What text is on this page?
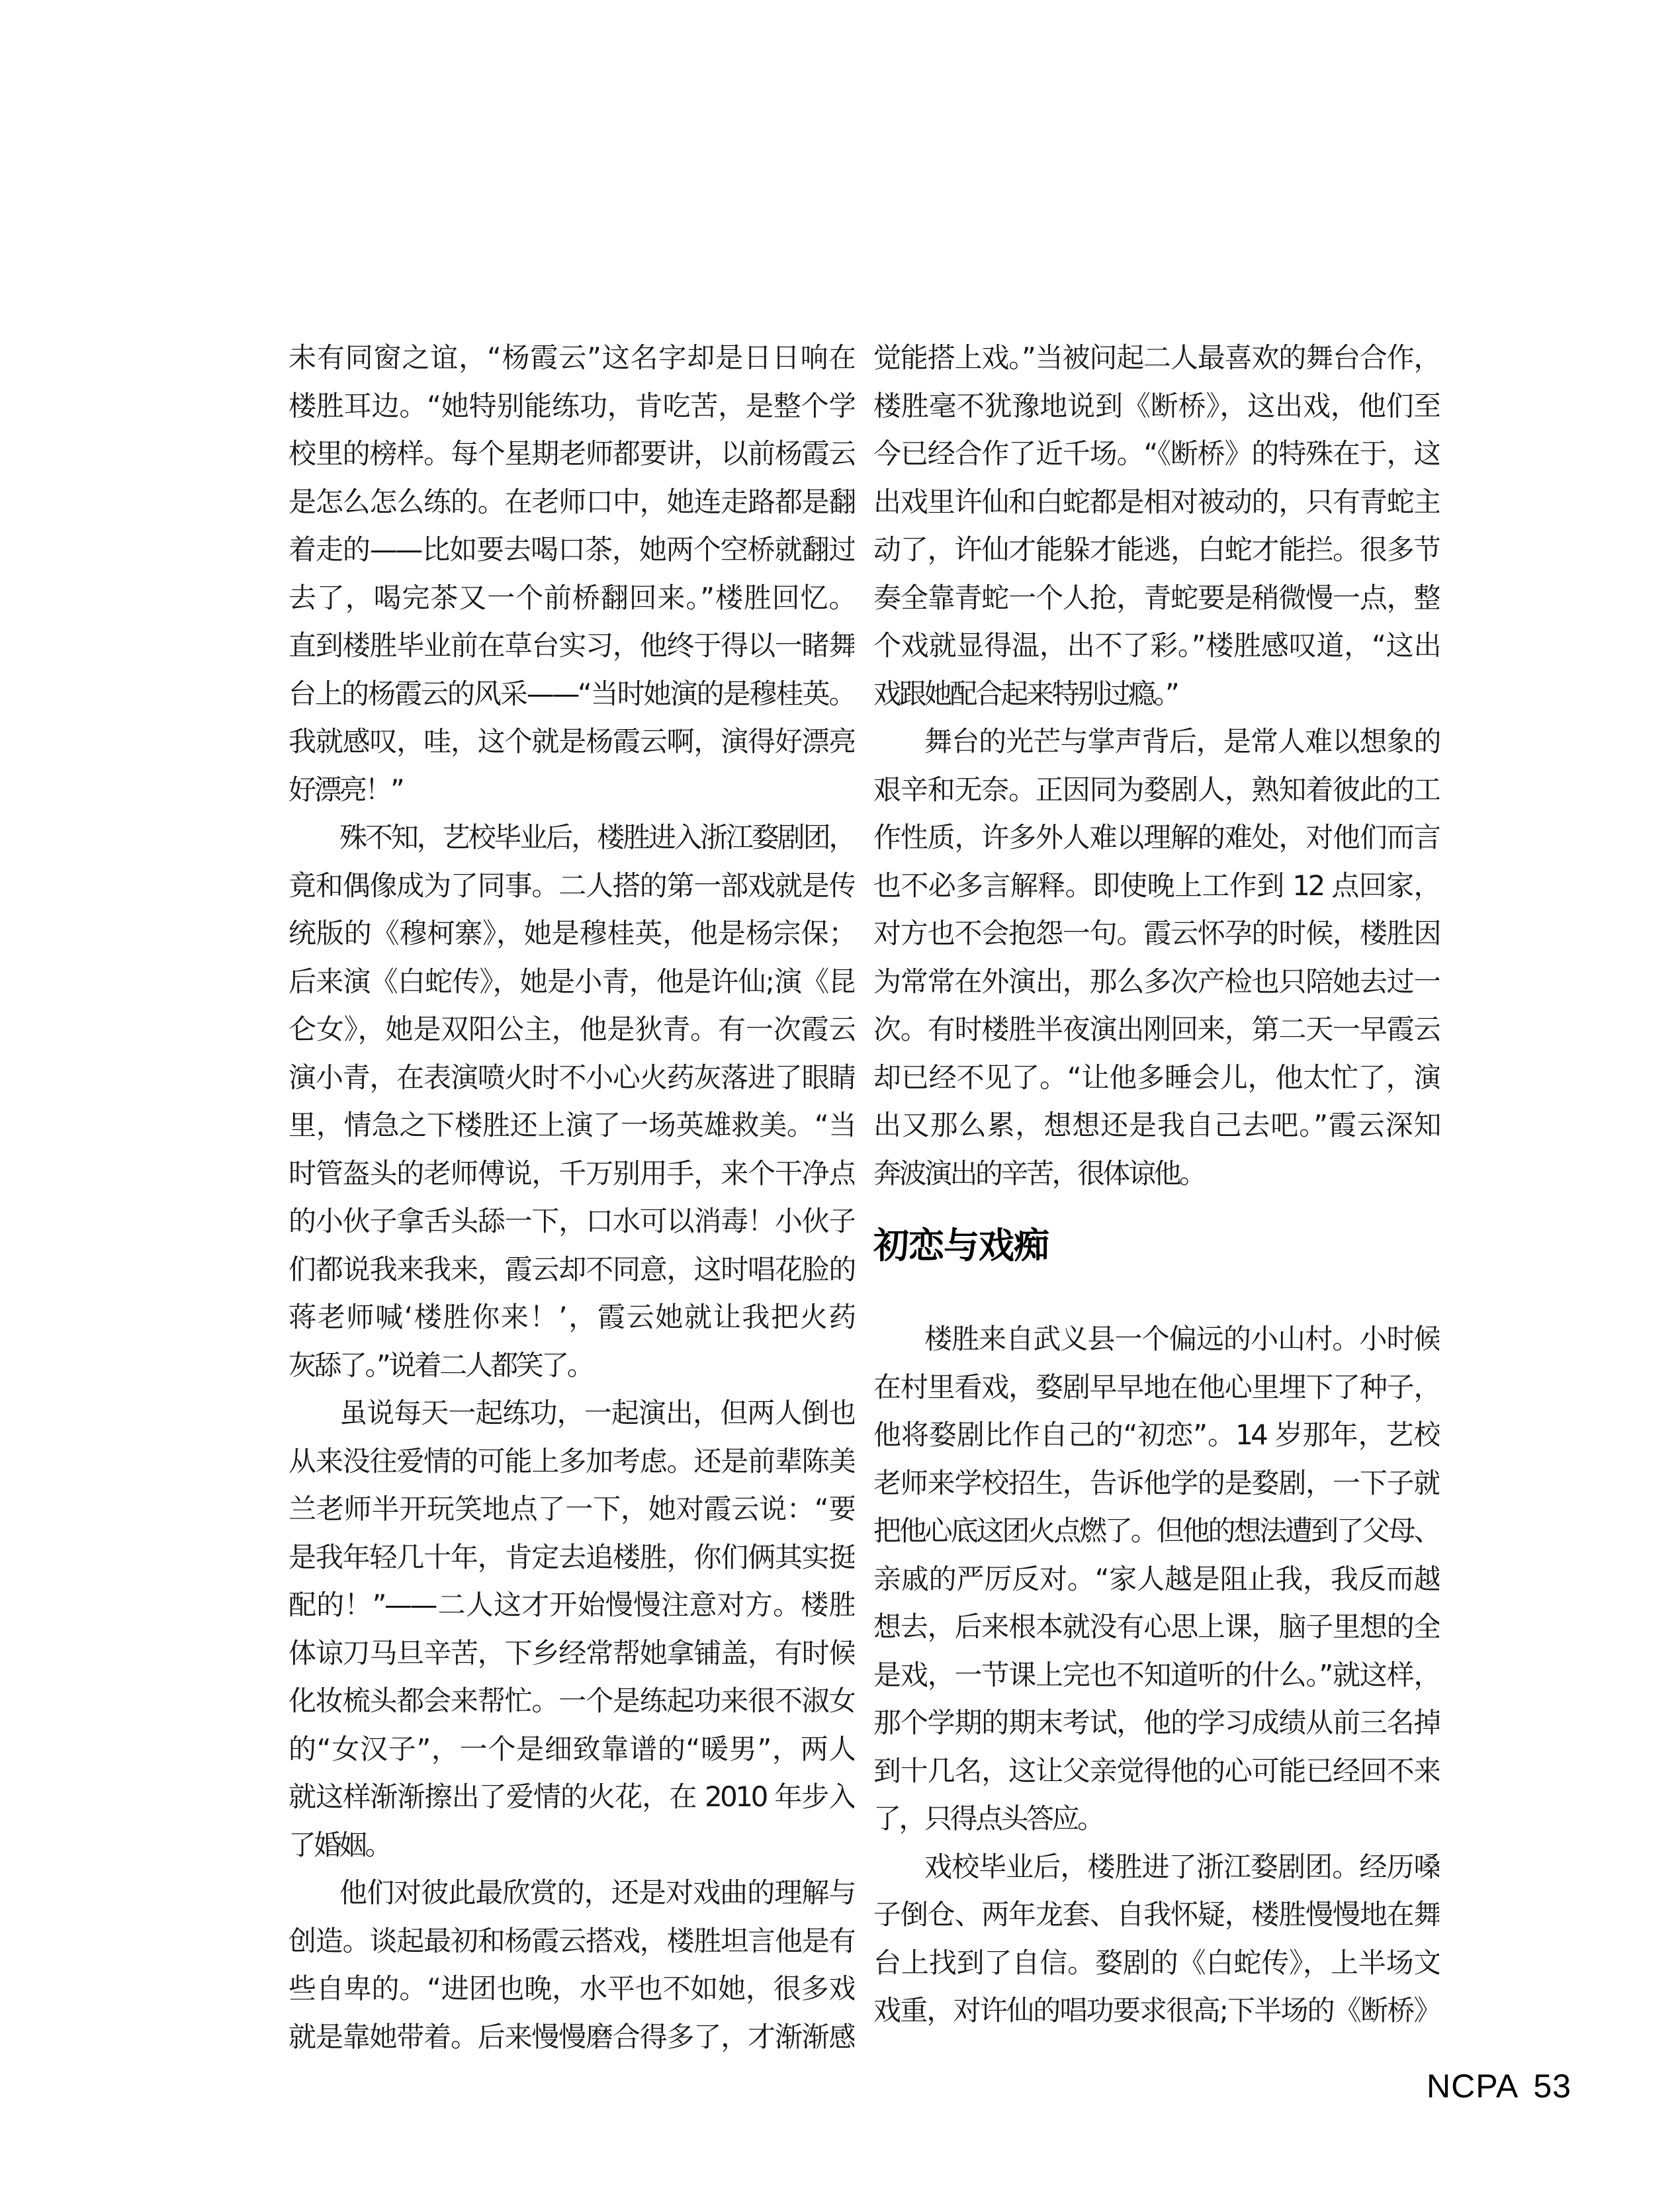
未有同窗之谊，“杨霞云”这名字却是日日响在
楼胜耳边。“她特别能练功，肯吃苦，是整个学
校里的榜样。每个星期老师都要讲，以前杨霞云
是怎么怎么练的。在老师口中，她连走路都是翻
着走的——比如要去喝口茶，她两个空桥就翻过
去了，喝完茶又一个前桥翻回来。”楼胜回忆。
直到楼胜毕业前在草台实习，他终于得以一睹舞
台上的杨霞云的风采——“当时她演的是穆桂英。
我就感叹，哇，这个就是杨霞云啊，演得好漂亮
好漂亮！”
殊不知，艺校毕业后，楼胜进入浙江婺剧团，
竟和偶像成为了同事。二人搭的第一部戏就是传
统版的《穆柯寨》，她是穆桂英，他是杨宗保；
后来演《白蛇传》，她是小青，他是许仙;演《昆
仑女》，她是双阳公主，他是狄青。有一次霞云
演小青，在表演喷火时不小心火药灰落进了眼睛
里，情急之下楼胜还上演了一场英雄救美。“当
时管盔头的老师傅说，千万别用手，来个干净点
的小伙子拿舌头舔一下，口水可以消毒！小伙子
们都说我来我来，霞云却不同意，这时唱花脸的
蒋老师喊‘楼胜你来！’，霞云她就让我把火药
灰舔了。”说着二人都笑了。
虽说每天一起练功，一起演出，但两人倒也
从来没往爱情的可能上多加考虑。还是前辈陈美
兰老师半开玩笑地点了一下，她对霞云说：“要
是我年轻几十年，肯定去追楼胜，你们俩其实挺
配的！”——二人这才开始慢慢注意对方。楼胜
体谅刀马旦辛苦，下乡经常帮她拿铺盖，有时候
化妆梳头都会来帮忙。一个是练起功来很不淑女
的“女汉子”，一个是细致靠谱的“暖男”，两人
就这样渐渐擦出了爱情的火花，在 2010 年步入
了婚姻。
他们对彼此最欣赏的，还是对戏曲的理解与
创造。谈起最初和杨霞云搭戏，楼胜坦言他是有
些自卑的。“进团也晚，水平也不如她，很多戏
就是靠她带着。后来慢慢磨合得多了，才渐渐感
觉能搭上戏。”当被问起二人最喜欢的舞台合作，
楼胜毫不犹豫地说到《断桥》，这出戏，他们至
今已经合作了近千场。“《断桥》的特殊在于，这
出戏里许仙和白蛇都是相对被动的，只有青蛇主
动了，许仙才能躲才能逃，白蛇才能拦。很多节
奏全靠青蛇一个人抢，青蛇要是稍微慢一点，整
个戏就显得温，出不了彩。”楼胜感叹道，“这出
戏跟她配合起来特别过瘾。”
舞台的光芒与掌声背后，是常人难以想象的
艰辛和无奈。正因同为婺剧人，熟知着彼此的工
作性质，许多外人难以理解的难处，对他们而言
也不必多言解释。即使晚上工作到 12 点回家，
对方也不会抱怨一句。霞云怀孕的时候，楼胜因
为常常在外演出，那么多次产检也只陪她去过一
次。有时楼胜半夜演出刚回来，第二天一早霞云
却已经不见了。“让他多睡会儿，他太忙了，演
出又那么累，想想还是我自己去吧。”霞云深知
奔波演出的辛苦，很体谅他。
初恋与戏痴
楼胜来自武义县一个偏远的小山村。小时候
在村里看戏，婺剧早早地在他心里埋下了种子，
他将婺剧比作自己的“初恋”。14 岁那年，艺校
老师来学校招生，告诉他学的是婺剧，一下子就
把他心底这团火点燃了。但他的想法遭到了父母、
亲戚的严厉反对。“家人越是阻止我，我反而越
想去，后来根本就没有心思上课，脑子里想的全
是戏，一节课上完也不知道听的什么。”就这样，
那个学期的期末考试，他的学习成绩从前三名掉
到十几名，这让父亲觉得他的心可能已经回不来
了，只得点头答应。
戏校毕业后，楼胜进了浙江婺剧团。经历嗓
子倒仓、两年龙套、自我怀疑，楼胜慢慢地在舞
台上找到了自信。婺剧的《白蛇传》，上半场文
戏重，对许仙的唱功要求很高;下半场的《断桥》
NCPA 53
